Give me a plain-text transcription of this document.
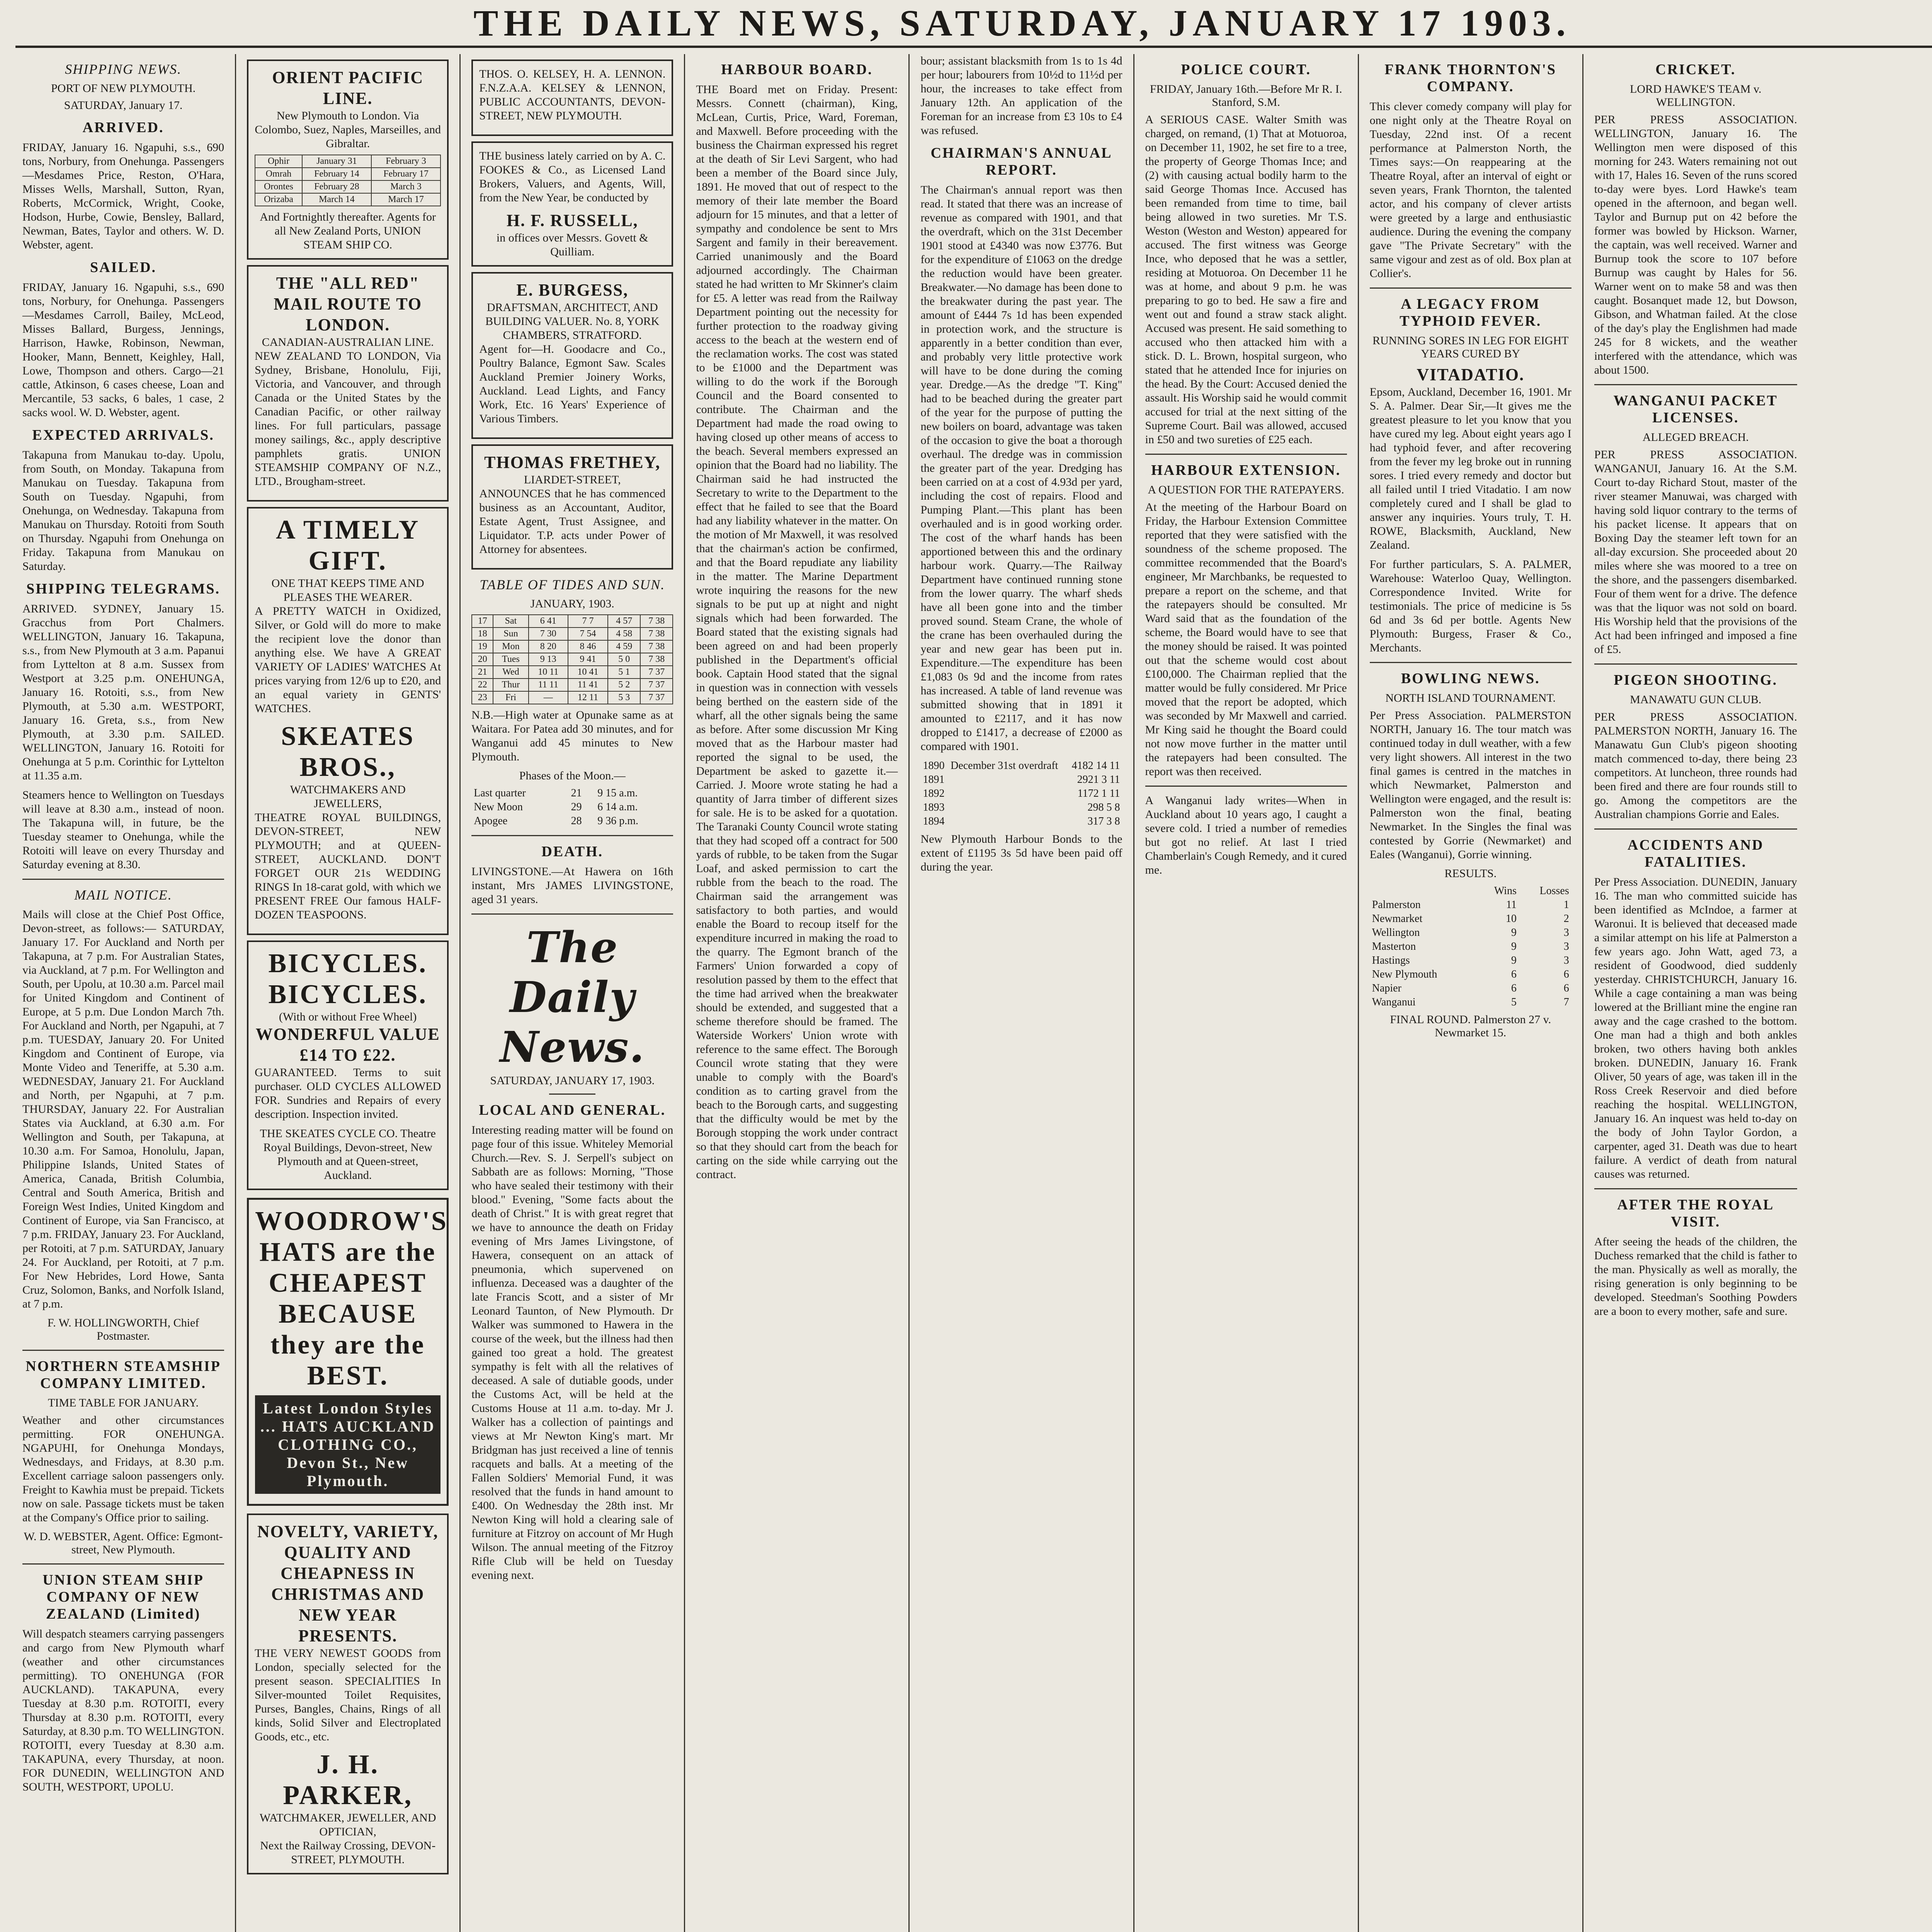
THE DAILY NEWS, SATURDAY, JANUARY 17 1903.
SHIPPING NEWS.
PORT OF NEW PLYMOUTH.
SATURDAY, January 17.
ARRIVED.

FRIDAY, January 16. Ngapuhi, s.s., 690 tons, Norbury, from Onehunga. Passengers—Mesdames Price, Reston, O'Hara, Misses Wells, Marshall, Sutton, Ryan, Roberts, McCormick, Wright, Cooke, Hodson, Hurbe, Cowie, Bensley, Ballard, Newman, Bates, Taylor and others. W. D. Webster, agent.

SAILED.

FRIDAY, January 16. Ngapuhi, s.s., 690 tons, Norbury, for Onehunga. Passengers—Mesdames Carroll, Bailey, McLeod, Misses Ballard, Burgess, Jennings, Harrison, Hawke, Robinson, Newman, Hooker, Mann, Bennett, Keighley, Hall, Lowe, Thompson and others. Cargo—21 cattle, Atkinson, 6 cases cheese, Loan and Mercantile, 53 sacks, 6 bales, 1 case, 2 sacks wool. W. D. Webster, agent.

EXPECTED ARRIVALS.

Takapuna from Manukau to-day. Upolu, from South, on Monday. Takapuna from Manukau on Tuesday. Takapuna from South on Tuesday. Ngapuhi, from Onehunga, on Wednesday. Takapuna from Manukau on Thursday. Rotoiti from South on Thursday. Ngapuhi from Onehunga on Friday. Takapuna from Manukau on Saturday.

SHIPPING TELEGRAMS.

ARRIVED. SYDNEY, January 15. Gracchus from Port Chalmers. WELLINGTON, January 16. Takapuna, s.s., from New Plymouth at 3 a.m. Papanui from Lyttelton at 8 a.m. Sussex from Westport at 3.25 p.m. ONEHUNGA, January 16. Rotoiti, s.s., from New Plymouth, at 5.30 a.m. WESTPORT, January 16. Greta, s.s., from New Plymouth, at 3.30 p.m. SAILED. WELLINGTON, January 16. Rotoiti for Onehunga at 5 p.m. Corinthic for Lyttelton at 11.35 a.m.

Steamers hence to Wellington on Tuesdays will leave at 8.30 a.m., instead of noon. The Takapuna will, in future, be the Tuesday steamer to Onehunga, while the Rotoiti will leave on every Thursday and Saturday evening at 8.30.

MAIL NOTICE.

Mails will close at the Chief Post Office, Devon-street, as follows:— SATURDAY, January 17. For Auckland and North per Takapuna, at 7 p.m. For Australian States, via Auckland, at 7 p.m. For Wellington and South, per Upolu, at 10.30 a.m. Parcel mail for United Kingdom and Continent of Europe, at 5 p.m. Due London March 7th. For Auckland and North, per Ngapuhi, at 7 p.m. TUESDAY, January 20. For United Kingdom and Continent of Europe, via Monte Video and Teneriffe, at 5.30 a.m. WEDNESDAY, January 21. For Auckland and North, per Ngapuhi, at 7 p.m. THURSDAY, January 22. For Australian States via Auckland, at 6.30 a.m. For Wellington and South, per Takapuna, at 10.30 a.m. For Samoa, Honolulu, Japan, Philippine Islands, United States of America, Canada, British Columbia, Central and South America, British and Foreign West Indies, United Kingdom and Continent of Europe, via San Francisco, at 7 p.m. FRIDAY, January 23. For Auckland, per Rotoiti, at 7 p.m. SATURDAY, January 24. For Auckland, per Rotoiti, at 7 p.m. For New Hebrides, Lord Howe, Santa Cruz, Solomon, Banks, and Norfolk Island, at 7 p.m.

F. W. HOLLINGWORTH, Chief Postmaster.
NORTHERN STEAMSHIP COMPANY LIMITED.
TIME TABLE FOR JANUARY.

Weather and other circumstances permitting. FOR ONEHUNGA. NGAPUHI, for Onehunga Mondays, Wednesdays, and Fridays, at 8.30 p.m. Excellent carriage saloon passengers only. Freight to Kawhia must be prepaid. Tickets now on sale. Passage tickets must be taken at the Company's Office prior to sailing.

W. D. WEBSTER, Agent. Office: Egmont-street, New Plymouth.
UNION STEAM SHIP COMPANY OF NEW ZEALAND (Limited)

Will despatch steamers carrying passengers and cargo from New Plymouth wharf (weather and other circumstances permitting). TO ONEHUNGA (FOR AUCKLAND). TAKAPUNA, every Tuesday at 8.30 p.m. ROTOITI, every Thursday at 8.30 p.m. ROTOITI, every Saturday, at 8.30 p.m. TO WELLINGTON. ROTOITI, every Tuesday at 8.30 a.m. TAKAPUNA, every Thursday, at noon. FOR DUNEDIN, WELLINGTON AND SOUTH, WESTPORT, UPOLU.

ORIENT PACIFIC LINE.
New Plymouth to London. Via Colombo, Suez, Naples, Marseilles, and Gibraltar.
Ophir	January 31	February 3
Omrah	February 14	February 17
Orontes	February 28	March 3
Orizaba	March 14	March 17
And Fortnightly thereafter. Agents for all New Zealand Ports, UNION STEAM SHIP CO.
THE "ALL RED" MAIL ROUTE TO LONDON.
CANADIAN-AUSTRALIAN LINE.

NEW ZEALAND TO LONDON, Via Sydney, Brisbane, Honolulu, Fiji, Victoria, and Vancouver, and through Canada or the United States by the Canadian Pacific, or other railway lines. For full particulars, passage money sailings, &c., apply descriptive pamphlets gratis. UNION STEAMSHIP COMPANY OF N.Z., LTD., Brougham-street.

A TIMELY GIFT.
ONE THAT KEEPS TIME AND PLEASES THE WEARER.

A PRETTY WATCH in Oxidized, Silver, or Gold will do more to make the recipient love the donor than anything else. We have A GREAT VARIETY OF LADIES' WATCHES At prices varying from 12/6 up to £20, and an equal variety in GENTS' WATCHES.

SKEATES BROS.,
WATCHMAKERS AND JEWELLERS,

THEATRE ROYAL BUILDINGS, DEVON-STREET, NEW PLYMOUTH; and at QUEEN-STREET, AUCKLAND. DON'T FORGET OUR 21s WEDDING RINGS In 18-carat gold, with which we PRESENT FREE Our famous HALF-DOZEN TEASPOONS.

BICYCLES. BICYCLES.
(With or without Free Wheel)
WONDERFUL VALUE £14 TO £22.

GUARANTEED. Terms to suit purchaser. OLD CYCLES ALLOWED FOR. Sundries and Repairs of every description. Inspection invited.

THE SKEATES CYCLE CO. Theatre Royal Buildings, Devon-street, New Plymouth and at Queen-street, Auckland.
WOODROW'S HATS are the CHEAPEST BECAUSE they are the BEST.
Latest London Styles ... HATS AUCKLAND CLOTHING CO., Devon St., New Plymouth.
NOVELTY, VARIETY, QUALITY AND CHEAPNESS IN CHRISTMAS AND NEW YEAR PRESENTS.

THE VERY NEWEST GOODS from London, specially selected for the present season. SPECIALITIES In Silver-mounted Toilet Requisites, Purses, Bangles, Chains, Rings of all kinds, Solid Silver and Electroplated Goods, etc., etc.

J. H. PARKER,
WATCHMAKER, JEWELLER, AND OPTICIAN,
Next the Railway Crossing, DEVON-STREET, PLYMOUTH.

THOS. O. KELSEY, H. A. LENNON. F.N.Z.A.A. KELSEY & LENNON, PUBLIC ACCOUNTANTS, DEVON-STREET, NEW PLYMOUTH.

THE business lately carried on by A. C. FOOKES & Co., as Licensed Land Brokers, Valuers, and Agents, Will, from the New Year, be conducted by

H. F. RUSSELL,
in offices over Messrs. Govett & Quilliam.
E. BURGESS,
DRAFTSMAN, ARCHITECT, AND BUILDING VALUER. No. 8, YORK CHAMBERS, STRATFORD.

Agent for—H. Goodacre and Co., Poultry Balance, Egmont Saw. Scales Auckland Premier Joinery Works, Auckland. Lead Lights, and Fancy Work, Etc. 16 Years' Experience of Various Timbers.

THOMAS FRETHEY,
LIARDET-STREET,

ANNOUNCES that he has commenced business as an Accountant, Auditor, Estate Agent, Trust Assignee, and Liquidator. T.P. acts under Power of Attorney for absentees.

TABLE OF TIDES AND SUN.
JANUARY, 1903.
17	Sat	6 41	7 7	4 57	7 38
18	Sun	7 30	7 54	4 58	7 38
19	Mon	8 20	8 46	4 59	7 38
20	Tues	9 13	9 41	5 0	7 38
21	Wed	10 11	10 41	5 1	7 37
22	Thur	11 11	11 41	5 2	7 37
23	Fri	—	12 11	5 3	7 37

N.B.—High water at Opunake same as at Waitara. For Patea add 30 minutes, and for Wanganui add 45 minutes to New Plymouth.

Phases of the Moon.—
Last quarter	21	9 15 a.m.
New Moon	29	6 14 a.m.
Apogee	28	9 36 p.m.
DEATH.

LIVINGSTONE.—At Hawera on 16th instant, Mrs JAMES LIVINGSTONE, aged 31 years.

The Daily News.
SATURDAY, JANUARY 17, 1903.
LOCAL AND GENERAL.

Interesting reading matter will be found on page four of this issue. Whiteley Memorial Church.—Rev. S. J. Serpell's subject on Sabbath are as follows: Morning, "Those who have sealed their testimony with their blood." Evening, "Some facts about the death of Christ." It is with great regret that we have to announce the death on Friday evening of Mrs James Livingstone, of Hawera, consequent on an attack of pneumonia, which supervened on influenza. Deceased was a daughter of the late Francis Scott, and a sister of Mr Leonard Taunton, of New Plymouth. Dr Walker was summoned to Hawera in the course of the week, but the illness had then gained too great a hold. The greatest sympathy is felt with all the relatives of deceased. A sale of dutiable goods, under the Customs Act, will be held at the Customs House at 11 a.m. to-day. Mr J. Walker has a collection of paintings and views at Mr Newton King's mart. Mr Bridgman has just received a line of tennis racquets and balls. At a meeting of the Fallen Soldiers' Memorial Fund, it was resolved that the funds in hand amount to £400. On Wednesday the 28th inst. Mr Newton King will hold a clearing sale of furniture at Fitzroy on account of Mr Hugh Wilson. The annual meeting of the Fitzroy Rifle Club will be held on Tuesday evening next.

HARBOUR BOARD.

THE Board met on Friday. Present: Messrs. Connett (chairman), King, McLean, Curtis, Price, Ward, Foreman, and Maxwell. Before proceeding with the business the Chairman expressed his regret at the death of Sir Levi Sargent, who had been a member of the Board since July, 1891. He moved that out of respect to the memory of their late member the Board adjourn for 15 minutes, and that a letter of sympathy and condolence be sent to Mrs Sargent and family in their bereavement. Carried unanimously and the Board adjourned accordingly. The Chairman stated he had written to Mr Skinner's claim for £5. A letter was read from the Railway Department pointing out the necessity for further protection to the roadway giving access to the beach at the western end of the reclamation works. The cost was stated to be £1000 and the Department was willing to do the work if the Borough Council and the Board consented to contribute. The Chairman and the Department had made the road owing to having closed up other means of access to the beach. Several members expressed an opinion that the Board had no liability. The Chairman said he had instructed the Secretary to write to the Department to the effect that he failed to see that the Board had any liability whatever in the matter. On the motion of Mr Maxwell, it was resolved that the chairman's action be confirmed, and that the Board repudiate any liability in the matter. The Marine Department wrote inquiring the reasons for the new signals to be put up at night and night signals which had been forwarded. The Board stated that the existing signals had been agreed on and had been properly published in the Department's official book. Captain Hood stated that the signal in question was in connection with vessels being berthed on the eastern side of the wharf, all the other signals being the same as before. After some discussion Mr King moved that as the Harbour master had reported the signal to be used, the Department be asked to gazette it.—Carried. J. Moore wrote stating he had a quantity of Jarra timber of different sizes for sale. He is to be asked for a quotation. The Taranaki County Council wrote stating that they had scoped off a contract for 500 yards of rubble, to be taken from the Sugar Loaf, and asked permission to cart the rubble from the beach to the road. The Chairman said the arrangement was satisfactory to both parties, and would enable the Board to recoup itself for the expenditure incurred in making the road to the quarry. The Egmont branch of the Farmers' Union forwarded a copy of resolution passed by them to the effect that the time had arrived when the breakwater should be extended, and suggested that a scheme therefore should be framed. The Waterside Workers' Union wrote with reference to the same effect. The Borough Council wrote stating that they were unable to comply with the Board's condition as to carting gravel from the beach to the Borough carts, and suggesting that the difficulty would be met by the Borough stopping the work under contract so that they should cart from the beach for carting on the side while carrying out the contract.

bour; assistant blacksmith from 1s to 1s 4d per hour; labourers from 10½d to 11½d per hour, the increases to take effect from January 12th. An application of the Foreman for an increase from £3 10s to £4 was refused.

CHAIRMAN'S ANNUAL REPORT.

The Chairman's annual report was then read. It stated that there was an increase of revenue as compared with 1901, and that the overdraft, which on the 31st December 1901 stood at £4340 was now £3776. But for the expenditure of £1063 on the dredge the reduction would have been greater. Breakwater.—No damage has been done to the breakwater during the past year. The amount of £444 7s 1d has been expended in protection work, and the structure is apparently in a better condition than ever, and probably very little protective work will have to be done during the coming year. Dredge.—As the dredge "T. King" had to be beached during the greater part of the year for the purpose of putting the new boilers on board, advantage was taken of the occasion to give the boat a thorough overhaul. The dredge was in commission the greater part of the year. Dredging has been carried on at a cost of 4.93d per yard, including the cost of repairs. Flood and Pumping Plant.—This plant has been overhauled and is in good working order. The cost of the wharf hands has been apportioned between this and the ordinary harbour work. Quarry.—The Railway Department have continued running stone from the lower quarry. The wharf sheds have all been gone into and the timber proved sound. Steam Crane, the whole of the crane has been overhauled during the year and new gear has been put in. Expenditure.—The expenditure has been £1,083 0s 9d and the income from rates has increased. A table of land revenue was submitted showing that in 1891 it amounted to £2117, and it has now dropped to £1417, a decrease of £2000 as compared with 1901.

1890	December 31st overdraft	4182 14 11
1891		2921 3 11
1892		1172 1 11
1893		298 5 8
1894		317 3 8

New Plymouth Harbour Bonds to the extent of £1195 3s 5d have been paid off during the year.

POLICE COURT.
FRIDAY, January 16th.—Before Mr R. I. Stanford, S.M.

A SERIOUS CASE. Walter Smith was charged, on remand, (1) That at Motuoroa, on December 11, 1902, he set fire to a tree, the property of George Thomas Ince; and (2) with causing actual bodily harm to the said George Thomas Ince. Accused has been remanded from time to time, bail being allowed in two sureties. Mr T.S. Weston (Weston and Weston) appeared for accused. The first witness was George Ince, who deposed that he was a settler, residing at Motuoroa. On December 11 he was at home, and about 9 p.m. he was preparing to go to bed. He saw a fire and went out and found a straw stack alight. Accused was present. He said something to accused who then attacked him with a stick. D. L. Brown, hospital surgeon, who stated that he attended Ince for injuries on the head. By the Court: Accused denied the assault. His Worship said he would commit accused for trial at the next sitting of the Supreme Court. Bail was allowed, accused in £50 and two sureties of £25 each.

HARBOUR EXTENSION.
A QUESTION FOR THE RATEPAYERS.

At the meeting of the Harbour Board on Friday, the Harbour Extension Committee reported that they were satisfied with the soundness of the scheme proposed. The committee recommended that the Board's engineer, Mr Marchbanks, be requested to prepare a report on the scheme, and that the ratepayers should be consulted. Mr Ward said that as the foundation of the scheme, the Board would have to see that the money should be raised. It was pointed out that the scheme would cost about £100,000. The Chairman replied that the matter would be fully considered. Mr Price moved that the report be adopted, which was seconded by Mr Maxwell and carried. Mr King said he thought the Board could not now move further in the matter until the ratepayers had been consulted. The report was then received.

A Wanganui lady writes—When in Auckland about 10 years ago, I caught a severe cold. I tried a number of remedies but got no relief. At last I tried Chamberlain's Cough Remedy, and it cured me.

FRANK THORNTON'S COMPANY.

This clever comedy company will play for one night only at the Theatre Royal on Tuesday, 22nd inst. Of a recent performance at Palmerston North, the Times says:—On reappearing at the Theatre Royal, after an interval of eight or seven years, Frank Thornton, the talented actor, and his company of clever artists were greeted by a large and enthusiastic audience. During the evening the company gave "The Private Secretary" with the same vigour and zest as of old. Box plan at Collier's.

A LEGACY FROM TYPHOID FEVER.
RUNNING SORES IN LEG FOR EIGHT YEARS CURED BY
VITADATIO.

Epsom, Auckland, December 16, 1901. Mr S. A. Palmer. Dear Sir,—It gives me the greatest pleasure to let you know that you have cured my leg. About eight years ago I had typhoid fever, and after recovering from the fever my leg broke out in running sores. I tried every remedy and doctor but all failed until I tried Vitadatio. I am now completely cured and I shall be glad to answer any inquiries. Yours truly, T. H. ROWE, Blacksmith, Auckland, New Zealand.

For further particulars, S. A. PALMER, Warehouse: Waterloo Quay, Wellington. Correspondence Invited. Write for testimonials. The price of medicine is 5s 6d and 3s 6d per bottle. Agents New Plymouth: Burgess, Fraser & Co., Merchants.

BOWLING NEWS.
NORTH ISLAND TOURNAMENT.

Per Press Association. PALMERSTON NORTH, January 16. The tour match was continued today in dull weather, with a few very light showers. All interest in the two final games is centred in the matches in which Newmarket, Palmerston and Wellington were engaged, and the result is: Palmerston won the final, beating Newmarket. In the Singles the final was contested by Gorrie (Newmarket) and Eales (Wanganui), Gorrie winning.

RESULTS.
	Wins	Losses
Palmerston	11	1
Newmarket	10	2
Wellington	9	3
Masterton	9	3
Hastings	9	3
New Plymouth	6	6
Napier	6	6
Wanganui	5	7
FINAL ROUND. Palmerston 27 v. Newmarket 15.
CRICKET.
LORD HAWKE'S TEAM v. WELLINGTON.

PER PRESS ASSOCIATION. WELLINGTON, January 16. The Wellington men were disposed of this morning for 243. Waters remaining not out with 17, Hales 16. Seven of the runs scored to-day were byes. Lord Hawke's team opened in the afternoon, and began well. Taylor and Burnup put on 42 before the former was bowled by Hickson. Warner, the captain, was well received. Warner and Burnup took the score to 107 before Burnup was caught by Hales for 56. Warner went on to make 58 and was then caught. Bosanquet made 12, but Dowson, Gibson, and Whatman failed. At the close of the day's play the Englishmen had made 245 for 8 wickets, and the weather interfered with the attendance, which was about 1500.

WANGANUI PACKET LICENSES.
ALLEGED BREACH.

PER PRESS ASSOCIATION. WANGANUI, January 16. At the S.M. Court to-day Richard Stout, master of the river steamer Manuwai, was charged with having sold liquor contrary to the terms of his packet license. It appears that on Boxing Day the steamer left town for an all-day excursion. She proceeded about 20 miles where she was moored to a tree on the shore, and the passengers disembarked. Four of them went for a drive. The defence was that the liquor was not sold on board. His Worship held that the provisions of the Act had been infringed and imposed a fine of £5.

PIGEON SHOOTING.
MANAWATU GUN CLUB.

PER PRESS ASSOCIATION. PALMERSTON NORTH, January 16. The Manawatu Gun Club's pigeon shooting match commenced to-day, there being 23 competitors. At luncheon, three rounds had been fired and there are four rounds still to go. Among the competitors are the Australian champions Gorrie and Eales.

ACCIDENTS AND FATALITIES.

Per Press Association. DUNEDIN, January 16. The man who committed suicide has been identified as McIndoe, a farmer at Waronui. It is believed that deceased made a similar attempt on his life at Palmerston a few years ago. John Watt, aged 73, a resident of Goodwood, died suddenly yesterday. CHRISTCHURCH, January 16. While a cage containing a man was being lowered at the Brilliant mine the engine ran away and the cage crashed to the bottom. One man had a thigh and both ankles broken, two others having both ankles broken. DUNEDIN, January 16. Frank Oliver, 50 years of age, was taken ill in the Ross Creek Reservoir and died before reaching the hospital. WELLINGTON, January 16. An inquest was held to-day on the body of John Taylor Gordon, a carpenter, aged 31. Death was due to heart failure. A verdict of death from natural causes was returned.

AFTER THE ROYAL VISIT.

After seeing the heads of the children, the Duchess remarked that the child is father to the man. Physically as well as morally, the rising generation is only beginning to be developed. Steedman's Soothing Powders are a boon to every mother, safe and sure.
